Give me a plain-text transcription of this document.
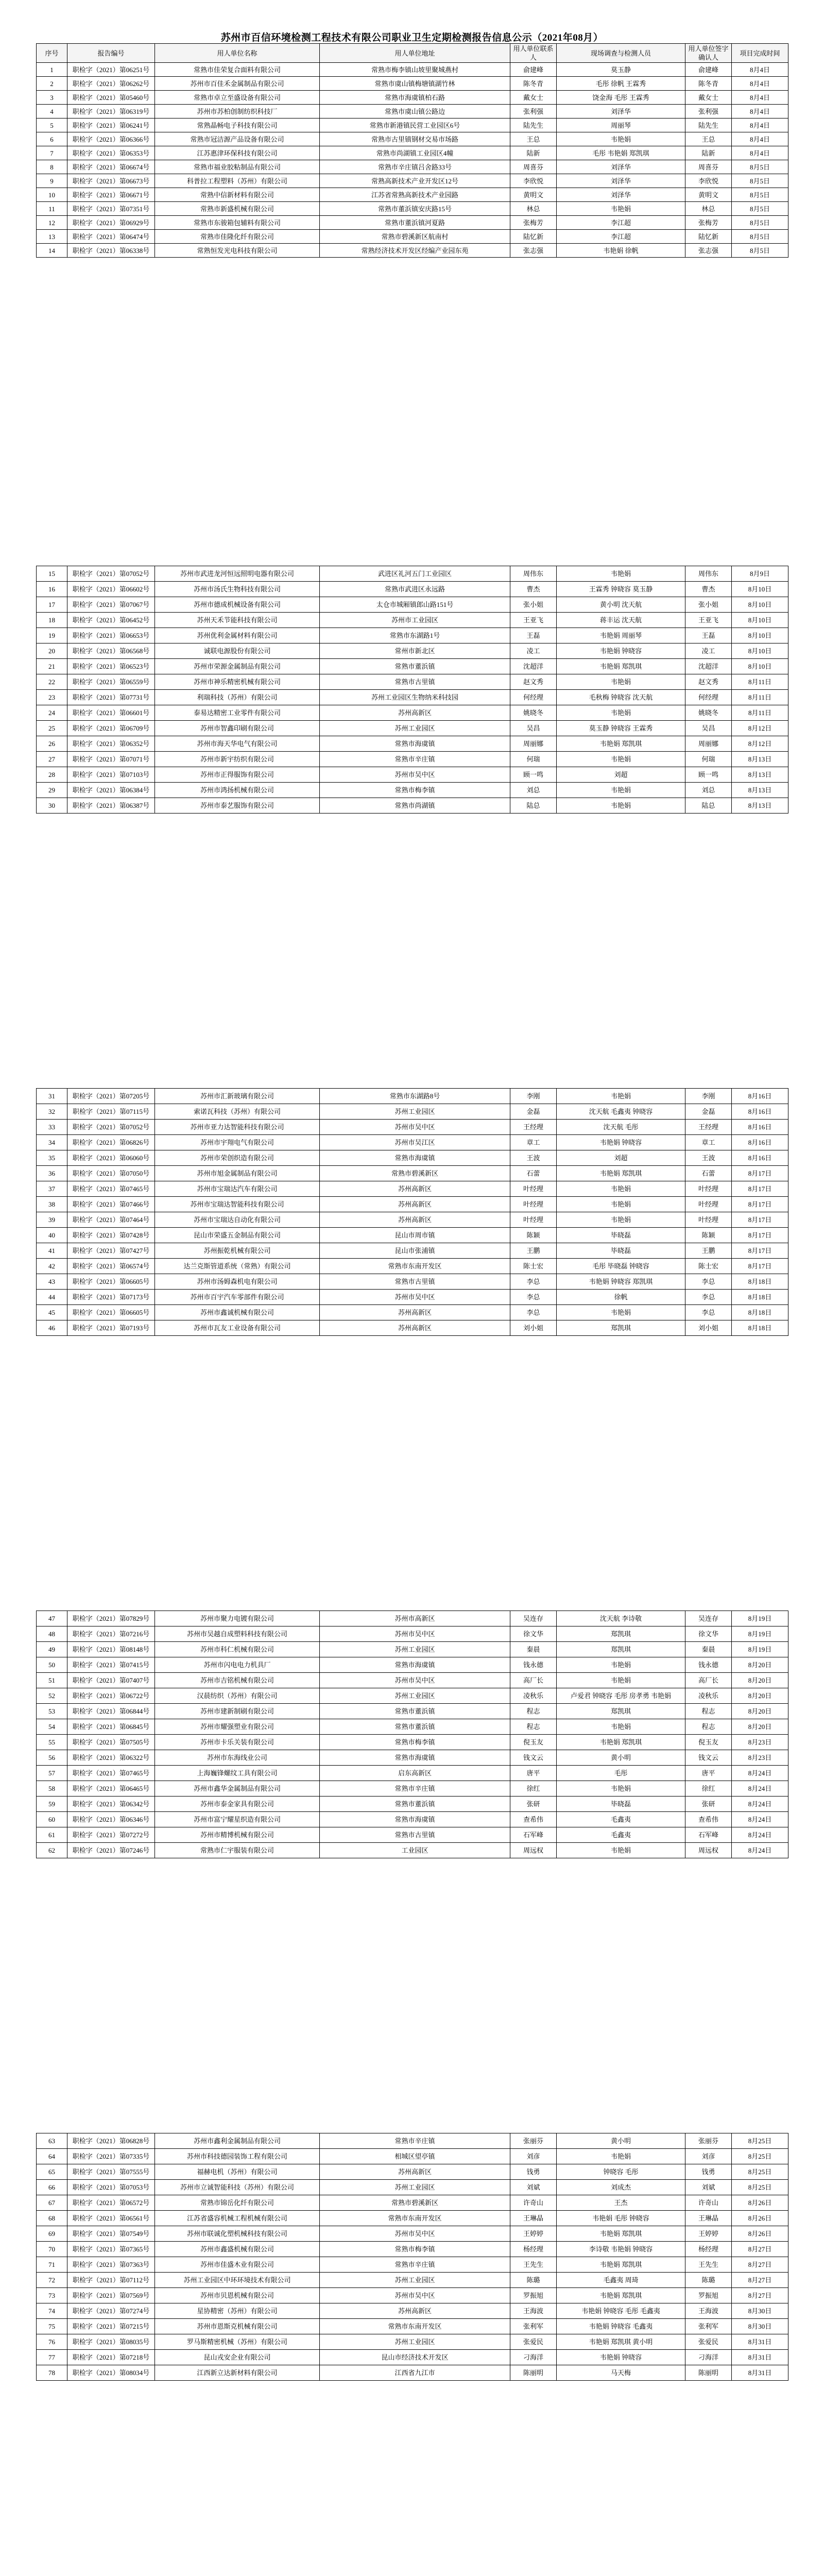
苏州市百信环境检测工程技术有限公司职业卫生定期检测报告信息公示（2021年08月）
序号	报告编号	用人单位名称	用人单位地址	用人单位联系人	现场调查与检测人员	用人单位签字确认人	项目完成时间
1	职检字（2021）第06251号	常熟市佳荣复合面料有限公司	常熟市梅李镇山坡里聚城燕村	俞建峰	莫玉静	俞建峰	8月4日
2	职检字（2021）第06262号	苏州市百佳禾金属制品有限公司	常熟市虞山镇梅塘镇湖竹林	陈冬青	毛彤 徐帆 王霖秀	陈冬青	8月4日
3	职检字（2021）第05460号	常熟市卓立至盛设备有限公司	常熟市海虞镇柏石路	戴女士	饶金海 毛彤 王霖秀	戴女士	8月4日
4	职检字（2021）第06319号	苏州市苏柏创制纺织科技厂	常熟市虞山镇公路边	张利强	刘泽华	张利强	8月4日
5	职检字（2021）第06241号	常熟晶畅电子科技有限公司	常熟市新港镇民营工业园区6号	陆先生	周丽琴	陆先生	8月4日
6	职检字（2021）第06366号	常熟市冠洁源产品设备有限公司	常熟市古里镇钢材交易市场路	王总	韦艳娟	王总	8月4日
7	职检字（2021）第06353号	江苏惠津环保科技有限公司	常熟市尚湖镇工业园区4幢	陆新	毛彤 韦艳娟 郑凯琪	陆新	8月4日
8	职检字（2021）第06674号	常熟市福业胶粘制品有限公司	常熟市辛庄镇吕舍路33号	周喜芬	刘泽华	周喜芬	8月5日
9	职检字（2021）第06673号	科普拉工程塑料（苏州）有限公司	常熟高新技术产业开发区12号	李欣悦	刘泽华	李欣悦	8月5日
10	职检字（2021）第06671号	常熟中信新材料有限公司	江苏省常熟高新技术产业园路	黄明文	刘泽华	黄明文	8月5日
11	职检字（2021）第07351号	常熟市新盛机械有限公司	常熟市董浜镇安庆路15号	林总	韦艳娟	林总	8月5日
12	职检字（2021）第06929号	常熟市东骏箱包辅料有限公司	常熟市董浜镇河夏路	张梅芳	李江超	张梅芳	8月5日
13	职检字（2021）第06474号	常熟市佳隆化纤有限公司	常熟市碧溪新区航南村	陆忆新	李江超	陆忆新	8月5日
14	职检字（2021）第06338号	常熟恒发光电科技有限公司	常熟经济技术开发区经编产业园东苑	张志强	韦艳娟 徐帆	张志强	8月5日
15	职检字（2021）第07052号	苏州市武进龙河恒远照明电器有限公司	武进区礼河五门工业园区	周伟东	韦艳娟	周伟东	8月9日
16	职检字（2021）第06602号	苏州市汤氏生物科技有限公司	常熟市武进区永远路	曹杰	王霖秀 钟晓容 莫玉静	曹杰	8月10日
17	职检字（2021）第07067号	苏州市德成机械设备有限公司	太仓市城厢镇郎山路151号	张小姐	黄小明 沈天航	张小姐	8月10日
18	职检字（2021）第06452号	苏州天禾节能科技有限公司	苏州市工业园区	王亚飞	蒋丰运 沈天航	王亚飞	8月10日
19	职检字（2021）第06653号	苏州优利金属材料有限公司	常熟市东湖路1号	王磊	韦艳娟 周丽琴	王磊	8月10日
20	职检字（2021）第06568号	诚联电源股份有限公司	常州市新北区	凌工	韦艳娟 钟晓容	凌工	8月10日
21	职检字（2021）第06523号	苏州市荣源金属制品有限公司	常熟市董浜镇	沈超洋	韦艳娟 郑凯琪	沈超洋	8月10日
22	职检字（2021）第06559号	苏州市神乐精密机械有限公司	常熟市古里镇	赵文秀	韦艳娟	赵文秀	8月11日
23	职检字（2021）第07731号	利瑞科技（苏州）有限公司	苏州工业园区生物纳米科技园	何经理	毛秋梅 钟晓容 沈天航	何经理	8月11日
24	职检字（2021）第06601号	泰易达精密工业零件有限公司	苏州高新区	姚晓冬	韦艳娟	姚晓冬	8月11日
25	职检字（2021）第06709号	苏州市智鑫印刷有限公司	苏州工业园区	吴昌	莫玉静 钟晓容 王霖秀	吴昌	8月12日
26	职检字（2021）第06352号	苏州市海天华电气有限公司	常熟市海虞镇	周丽娜	韦艳娟 郑凯琪	周丽娜	8月12日
27	职检字（2021）第07071号	苏州市新宇纺织有限公司	常熟市辛庄镇	何瑞	韦艳娟	何瑞	8月13日
28	职检字（2021）第07103号	苏州市正得服饰有限公司	苏州市吴中区	顾一鸣	刘超	顾一鸣	8月13日
29	职检字（2021）第06384号	苏州市鸿扬机械有限公司	常熟市梅李镇	刘总	韦艳娟	刘总	8月13日
30	职检字（2021）第06387号	苏州市泰艺服饰有限公司	常熟市尚湖镇	陆总	韦艳娟	陆总	8月13日
31	职检字（2021）第07205号	苏州市汇新玻璃有限公司	常熟市东湖路8号	李刚	韦艳娟	李刚	8月16日
32	职检字（2021）第07115号	索诺瓦科技（苏州）有限公司	苏州工业园区	金磊	沈天航 毛鑫夷 钟晓容	金磊	8月16日
33	职检字（2021）第07052号	苏州市亚力达智能科技有限公司	苏州市吴中区	王经理	沈天航 毛彤	王经理	8月16日
34	职检字（2021）第06826号	苏州市宇翔电气有限公司	苏州市吴江区	章工	韦艳娟 钟晓容	章工	8月16日
35	职检字（2021）第06060号	苏州市荣创织造有限公司	常熟市海虞镇	王波	刘超	王波	8月16日
36	职检字（2021）第07050号	苏州市旭金属制品有限公司	常熟市碧溪新区	石蕾	韦艳娟 郑凯琪	石蕾	8月17日
37	职检字（2021）第07465号	苏州市宝瑞达汽车有限公司	苏州高新区	叶经理	韦艳娟	叶经理	8月17日
38	职检字（2021）第07466号	苏州市宝瑞达智能科技有限公司	苏州高新区	叶经理	韦艳娟	叶经理	8月17日
39	职检字（2021）第07464号	苏州市宝瑞达自动化有限公司	苏州高新区	叶经理	韦艳娟	叶经理	8月17日
40	职检字（2021）第07428号	昆山市荣盛五金制品有限公司	昆山市周市镇	陈颖	毕晓磊	陈颖	8月17日
41	职检字（2021）第07427号	苏州振乾机械有限公司	昆山市张浦镇	王鹏	毕晓磊	王鹏	8月17日
42	职检字（2021）第06574号	达兰克斯管道系统（常熟）有限公司	常熟市东南开发区	陈士宏	毛彤 毕晓磊 钟晓容	陈士宏	8月17日
43	职检字（2021）第06605号	苏州市汤姆森机电有限公司	常熟市古里镇	李总	韦艳娟 钟晓容 郑凯琪	李总	8月18日
44	职检字（2021）第07173号	苏州市百宇汽车零部件有限公司	苏州市吴中区	李总	徐帆	李总	8月18日
45	职检字（2021）第06605号	苏州市鑫诚机械有限公司	苏州高新区	李总	韦艳娟	李总	8月18日
46	职检字（2021）第07193号	苏州市瓦友工业设备有限公司	苏州高新区	刘小姐	郑凯琪	刘小姐	8月18日
47	职检字（2021）第07829号	苏州市聚力电镀有限公司	苏州市高新区	吴连存	沈天航 李诗敬	吴连存	8月19日
48	职检字（2021）第07216号	苏州市吴越自成塑料科技有限公司	苏州市吴中区	徐文华	郑凯琪	徐文华	8月19日
49	职检字（2021）第08148号	苏州市科仁机械有限公司	苏州工业园区	秦晨	郑凯琪	秦晨	8月19日
50	职检字（2021）第07415号	苏州市闪电电力机具厂	常熟市海虞镇	钱永德	韦艳娟	钱永德	8月20日
51	职检字（2021）第07407号	苏州市吉铭机械有限公司	苏州市吴中区	高厂长	韦艳娟	高厂长	8月20日
52	职检字（2021）第06722号	汉晨纺织（苏州）有限公司	苏州工业园区	凌秋乐	卢爱君 钟晓容 毛彤 房孝勇 韦艳娟	凌秋乐	8月20日
53	职检字（2021）第06844号	苏州市建新制刷有限公司	常熟市董浜镇	程志	郑凯琪	程志	8月20日
54	职检字（2021）第06845号	苏州市耀强塑业有限公司	常熟市董浜镇	程志	韦艳娟	程志	8月20日
55	职检字（2021）第07505号	苏州市卡乐关装有限公司	常熟市梅李镇	倪玉友	韦艳娟 郑凯琪	倪玉友	8月23日
56	职检字（2021）第06322号	苏州市东海线业公司	常熟市海虞镇	钱文云	黄小明	钱文云	8月23日
57	职检字（2021）第07465号	上海巍锋螺纹工具有限公司	启东高新区	唐平	毛彤	唐平	8月24日
58	职检字（2021）第06465号	苏州市鑫华金属制品有限公司	常熟市辛庄镇	徐红	韦艳娟	徐红	8月24日
59	职检字（2021）第06342号	苏州市泰金家具有限公司	常熟市董浜镇	张研	毕晓磊	张研	8月24日
60	职检字（2021）第06346号	苏州市富宁耀星织造有限公司	常熟市海虞镇	查希伟	毛鑫夷	查希伟	8月24日
61	职检字（2021）第07272号	苏州市精博机械有限公司	常熟市古里镇	石军峰	毛鑫夷	石军峰	8月24日
62	职检字（2021）第07246号	常熟市仁宇服装有限公司	工业园区	周远权	韦艳娟	周远权	8月24日
63	职检字（2021）第06828号	苏州市鑫利金属制品有限公司	常熟市辛庄镇	张丽芬	黄小明	张丽芬	8月25日
64	职检字（2021）第07335号	苏州市科技德园装饰工程有限公司	相城区望亭镇	刘彦	韦艳娟	刘彦	8月25日
65	职检字（2021）第07555号	福赫电机（苏州）有限公司	苏州高新区	钱勇	钟晓容 毛彤	钱勇	8月25日
66	职检字（2021）第07053号	苏州市立诚智能科技（苏州）有限公司	苏州工业园区	刘斌	刘成杰	刘斌	8月25日
67	职检字（2021）第06572号	常熟市锦岳化纤有限公司	常熟市碧溪新区	许奇山	王杰	许奇山	8月26日
68	职检字（2021）第06561号	江苏省盛容机械工程机械有限公司	常熟市东南开发区	王琳晶	韦艳娟 毛彤 钟晓容	王琳晶	8月26日
69	职检字（2021）第07549号	苏州市联诚化塑机械科技有限公司	苏州市吴中区	王婷婷	韦艳娟 郑凯琪	王婷婷	8月26日
70	职检字（2021）第07365号	苏州市鑫盛机械有限公司	常熟市梅李镇	杨经理	李诗敬 韦艳娟 钟晓容	杨经理	8月27日
71	职检字（2021）第07363号	苏州市佳盛木业有限公司	常熟市辛庄镇	王先生	韦艳娟 郑凯琪	王先生	8月27日
72	职检字（2021）第07112号	苏州工业园区中环环境技术有限公司	苏州工业园区	陈璐	毛鑫夷 周琦	陈璐	8月27日
73	职检字（2021）第07569号	苏州市贝恩机械有限公司	苏州市吴中区	罗振旭	韦艳娟 郑凯琪	罗振旭	8月27日
74	职检字（2021）第07274号	星协精密（苏州）有限公司	苏州高新区	王海波	韦艳娟 钟晓容 毛彤 毛鑫夷	王海波	8月30日
75	职检字（2021）第07215号	苏州市恩斯克机械有限公司	常熟市东南开发区	张利军	韦艳娟 钟晓容 毛鑫夷	张利军	8月30日
76	职检字（2021）第08035号	罗马斯精密机械（苏州）有限公司	苏州工业园区	张爱民	韦艳娟 郑凯琪 黄小明	张爱民	8月31日
77	职检字（2021）第07218号	昆山戎安企业有限公司	昆山市经济技术开发区	刁海洋	韦艳娟 钟晓容	刁海洋	8月31日
78	职检字（2021）第08034号	江西新立达新材料有限公司	江西省九江市	陈丽明	马天梅	陈丽明	8月31日
